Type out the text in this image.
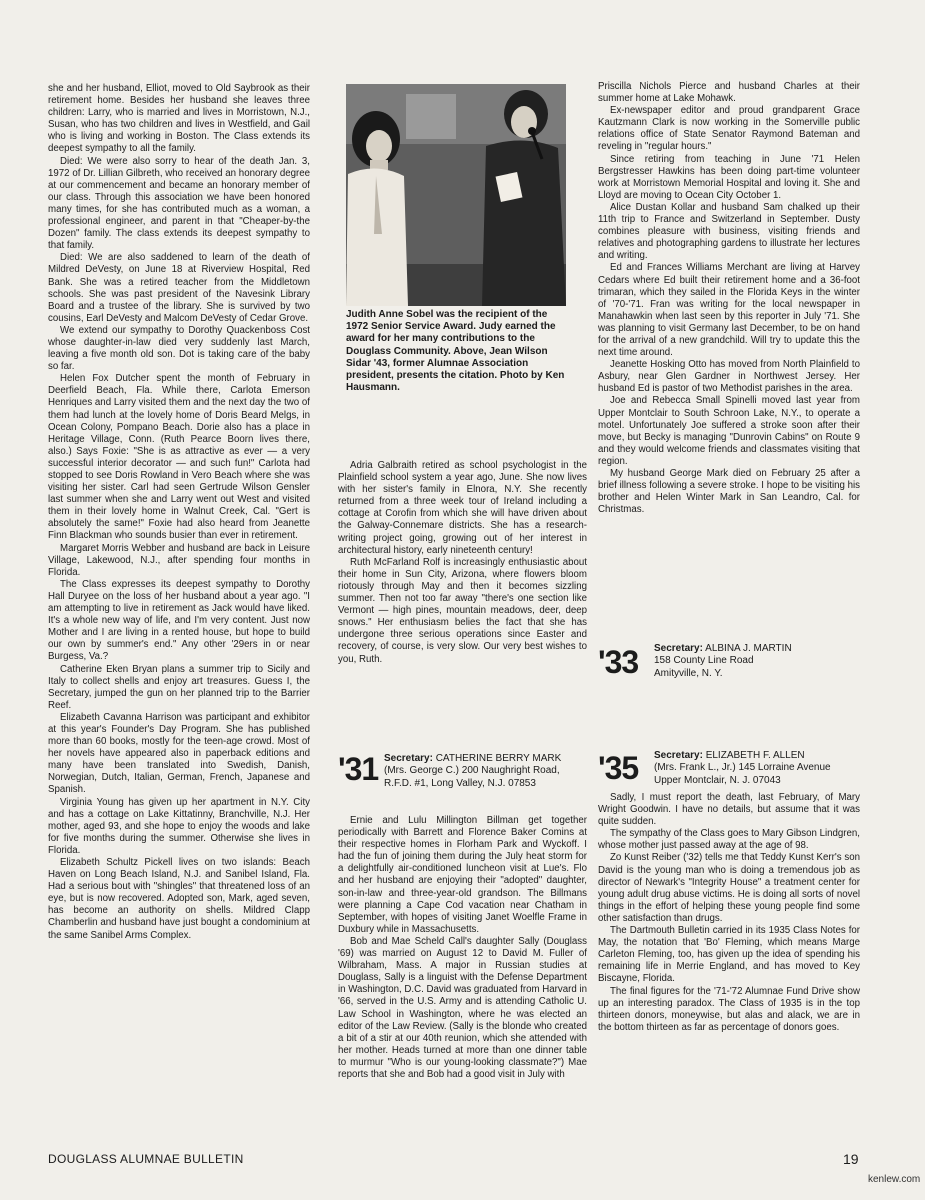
she and her husband, Elliot, moved to Old Saybrook as their retirement home. Besides her husband she leaves three children: Larry, who is married and lives in Morristown, N.J., Susan, who has two children and lives in Westfield, and Gail who is living and working in Boston. The Class extends its deepest sympathy to all the family.

Died: We were also sorry to hear of the death Jan. 3, 1972 of Dr. Lillian Gilbreth, who received an honorary degree at our commencement and became an honorary member of our class. Through this association we have been honored many times, for she has contributed much as a woman, a professional engineer, and parent in that "Cheaper-by-the Dozen" family. The class extends its deepest sympathy to that family.

Died: We are also saddened to learn of the death of Mildred DeVesty, on June 18 at Riverview Hospital, Red Bank. She was a retired teacher from the Middletown schools. She was past president of the Navesink Library Board and a trustee of the library. She is survived by two cousins, Earl DeVesty and Malcom DeVesty of Cedar Grove.

We extend our sympathy to Dorothy Quackenboss Cost whose daughter-in-law died very suddenly last March, leaving a five month old son. Dot is taking care of the baby so far.

Helen Fox Dutcher spent the month of February in Deerfield Beach, Fla. While there, Carlota Emerson Henriques and Larry visited them and the next day the two of them had lunch at the lovely home of Doris Beard Melgs, in Ocean Colony, Pompano Beach. Dorie also has a place in Heritage Village, Conn. (Ruth Pearce Boorn lives there, also.) Says Foxie: "She is as attractive as ever — a very successful interior decorator — and such fun!" Carlota had stopped to see Doris Rowland in Vero Beach where she was visiting her sister. Carl had seen Gertrude Wilson Gensler last summer when she and Larry went out West and visited them in their lovely home in Walnut Creek, Cal. "Gert is absolutely the same!" Foxie had also heard from Jeanette Finn Blackman who sounds busier than ever in retirement.

Margaret Morris Webber and husband are back in Leisure Village, Lakewood, N.J., after spending four months in Florida.

The Class expresses its deepest sympathy to Dorothy Hall Duryee on the loss of her husband about a year ago. "I am attempting to live in retirement as Jack would have liked. It's a whole new way of life, and I'm very content. Just now Mother and I are living in a rented house, but hope to build our own by summer's end." Any other '29ers in or near Burgess, Va.?

Catherine Eken Bryan plans a summer trip to Sicily and Italy to collect shells and enjoy art treasures. Guess I, the Secretary, jumped the gun on her planned trip to the Barrier Reef.

Elizabeth Cavanna Harrison was participant and exhibitor at this year's Founder's Day Program. She has published more than 60 books, mostly for the teen-age crowd. Most of her novels have appeared also in paperback editions and many have been translated into Swedish, Danish, Norwegian, Dutch, Italian, German, French, Japanese and Spanish.

Virginia Young has given up her apartment in N.Y. City and has a cottage on Lake Kittatinny, Branchville, N.J. Her mother, aged 93, and she hope to enjoy the woods and lake for five months during the summer. Otherwise she lives in Florida.

Elizabeth Schultz Pickell lives on two islands: Beach Haven on Long Beach Island, N.J. and Sanibel Island, Fla. Had a serious bout with "shingles" that threatened loss of an eye, but is now recovered. Adopted son, Mark, aged seven, has become an authority on shells. Mildred Clapp Chamberlin and husband have just bought a condominium at the same Sanibel Arms Complex.

Judith Anne Sobel was the recipient of the 1972 Senior Service Award. Judy earned the award for her many contributions to the Douglass Community. Above, Jean Wilson Sidar '43, former Alumnae Association president, presents the citation. Photo by Ken Hausmann.

Adria Galbraith retired as school psychologist in the Plainfield school system a year ago, June. She now lives with her sister's family in Elnora, N.Y. She recently returned from a three week tour of Ireland including a cottage at Corofin from which she will have driven about the Galway-Connemare districts. She has a research-writing project going, growing out of her interest in architectural history, early nineteenth century!

Ruth McFarland Rolf is increasingly enthusiastic about their home in Sun City, Arizona, where flowers bloom riotously through May and then it becomes sizzling summer. Then not too far away "there's one section like Vermont — high pines, mountain meadows, deer, deep snows." Her enthusiasm belies the fact that she has undergone three serious operations since Easter and recovery, of course, is very slow. Our very best wishes to you, Ruth.

'31 Secretary: CATHERINE BERRY MARK
(Mrs. George C.) 200 Naughright Road,
R.F.D. #1, Long Valley, N.J. 07853

Ernie and Lulu Millington Billman get together periodically with Barrett and Florence Baker Comins at their respective homes in Florham Park and Wyckoff. I had the fun of joining them during the July heat storm for a delightfully air-conditioned luncheon visit at Lue's. Flo and her husband are enjoying their "adopted" daughter, son-in-law and three-year-old grandson. The Billmans were planning a Cape Cod vacation near Chatham in September, with hopes of visiting Janet Woelfle Frame in Duxbury while in Massachusetts.

Bob and Mae Scheld Call's daughter Sally (Douglass '69) was married on August 12 to David M. Fuller of Wilbraham, Mass. A major in Russian studies at Douglass, Sally is a linguist with the Defense Department in Washington, D.C. David was graduated from Harvard in '66, served in the U.S. Army and is attending Catholic U. Law School in Washington, where he was elected an editor of the Law Review. (Sally is the blonde who created a bit of a stir at our 40th reunion, which she attended with her mother. Heads turned at more than one dinner table to murmur "Who is our young-looking classmate?") Mae reports that she and Bob had a good visit in July with

Priscilla Nichols Pierce and husband Charles at their summer home at Lake Mohawk.

Ex-newspaper editor and proud grandparent Grace Kautzmann Clark is now working in the Somerville public relations office of State Senator Raymond Bateman and reveling in "regular hours."

Since retiring from teaching in June '71 Helen Bergstresser Hawkins has been doing part-time volunteer work at Morristown Memorial Hospital and loving it. She and Lloyd are moving to Ocean City October 1.

Alice Dustan Kollar and husband Sam chalked up their 11th trip to France and Switzerland in September. Dusty combines pleasure with business, visiting friends and relatives and photographing gardens to illustrate her lectures and writing.

Ed and Frances Williams Merchant are living at Harvey Cedars where Ed built their retirement home and a 36-foot trimaran, which they sailed in the Florida Keys in the winter of '70-'71. Fran was writing for the local newspaper in Manahawkin when last seen by this reporter in July '71. She was planning to visit Germany last December, to be on hand for the arrival of a new grandchild. Will try to update this the next time around.

Jeanette Hosking Otto has moved from North Plainfield to Asbury, near Glen Gardner in Northwest Jersey. Her husband Ed is pastor of two Methodist parishes in the area.

Joe and Rebecca Small Spinelli moved last year from Upper Montclair to South Schroon Lake, N.Y., to operate a motel. Unfortunately Joe suffered a stroke soon after their move, but Becky is managing "Dunrovin Cabins" on Route 9 and they would welcome friends and classmates visiting that region.

My husband George Mark died on February 25 after a brief illness following a severe stroke. I hope to be visiting his brother and Helen Winter Mark in San Leandro, Cal. for Christmas.

'33 Secretary: ALBINA J. MARTIN
158 County Line Road
Amityville, N. Y.
'35 Secretary: ELIZABETH F. ALLEN
(Mrs. Frank L., Jr.) 145 Lorraine Avenue
Upper Montclair, N. J. 07043

Sadly, I must report the death, last February, of Mary Wright Goodwin. I have no details, but assume that it was quite sudden.

The sympathy of the Class goes to Mary Gibson Lindgren, whose mother just passed away at the age of 98.

Zo Kunst Reiber ('32) tells me that Teddy Kunst Kerr's son David is the young man who is doing a tremendous job as director of Newark's "Integrity House" a treatment center for young adult drug abuse victims. He is doing all sorts of novel things in the effort of helping these young people find some other satisfaction than drugs.

The Dartmouth Bulletin carried in its 1935 Class Notes for May, the notation that 'Bo' Fleming, which means Marge Carleton Fleming, too, has given up the idea of spending his remaining life in Merrie England, and has moved to Key Biscayne, Florida.

The final figures for the '71-'72 Alumnae Fund Drive show up an interesting paradox. The Class of 1935 is in the top thirteen donors, moneywise, but alas and alack, we are in the bottom thirteen as far as percentage of donors goes.

DOUGLASS ALUMNAE BULLETIN	19
kenlew.com
